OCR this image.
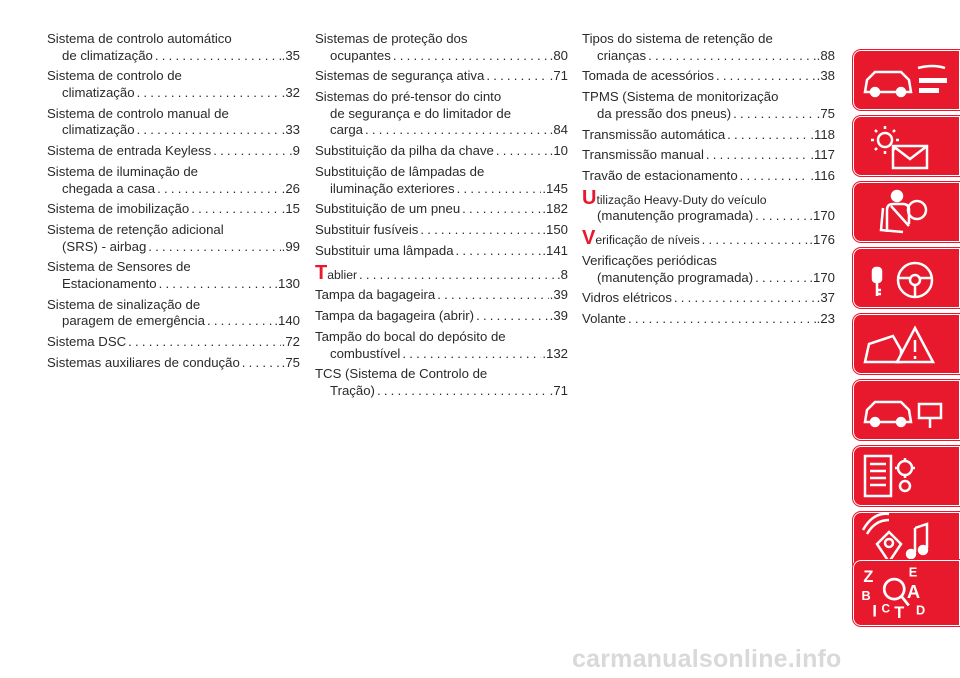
Sistema de controlo automático
de climatização .....	.35
Sistema de controlo de
climatização .....	.32
Sistema de controlo manual de
climatização .....	.33
Sistema de entrada Keyless .....	.9
Sistema de iluminação de
chegada a casa .....	.26
Sistema de imobilização .....	.15
Sistema de retenção adicional
(SRS) - airbag .....	.99
Sistema de Sensores de
Estacionamento .....	.130
Sistema de sinalização de
paragem de emergência .....	.140
Sistema DSC .....	.72
Sistemas auxiliares de condução .....	.75
Sistemas de proteção dos
ocupantes .....	.80
Sistemas de segurança ativa .....	.71
Sistemas do pré-tensor do cinto
de segurança e do limitador de
carga .....	.84
Substituição da pilha da chave .....	.10
Substituição de lâmpadas de
iluminação exteriores .....	.145
Substituição de um pneu .....	.182
Substituir fusíveis .....	.150
Substituir uma lâmpada .....	.141
Tablier .....	.8
Tampa da bagageira .....	.39
Tampa da bagageira (abrir) .....	.39
Tampão do bocal do depósito de
combustível .....	.132
TCS (Sistema de Controlo de
Tração) .....	.71
Tipos do sistema de retenção de
crianças .....	.88
Tomada de acessórios .....	.38
TPMS (Sistema de monitorização
da pressão dos pneus) .....	.75
Transmissão automática .....	.118
Transmissão manual .....	.117
Travão de estacionamento .....	.116
Utilização Heavy-Duty do veículo
(manutenção programada) .....	.170
Verificação de níveis .....	.176
Verificações periódicas
(manutenção programada) .....	.170
Vidros elétricos .....	.37
Volante .....	.23
Z	E
B A
I C T D
carmanualsonline.info
